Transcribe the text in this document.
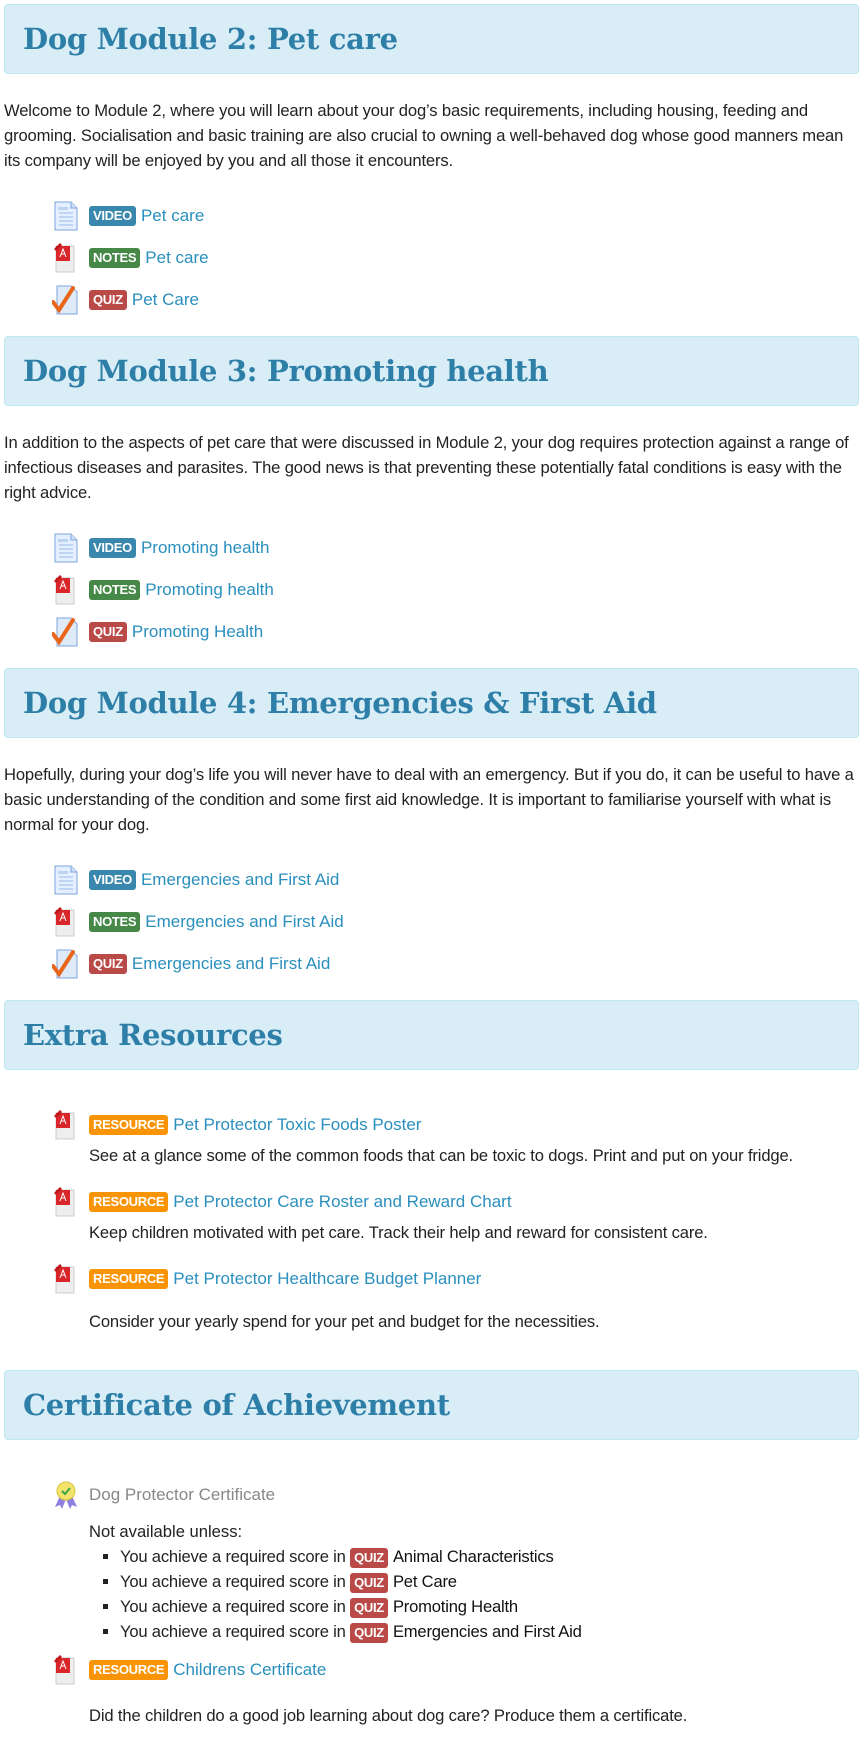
Dog Module 2: Pet care

Welcome to Module 2, where you will learn about your dog’s basic requirements, including housing, feeding and grooming. Socialisation and basic training are also crucial to owning a well-behaved dog whose good manners mean its company will be enjoyed by you and all those it encounters.

VIDEO Pet care
NOTES Pet care
QUIZ Pet Care
Dog Module 3: Promoting health

In addition to the aspects of pet care that were discussed in Module 2, your dog requires protection against a range of infectious diseases and parasites. The good news is that preventing these potentially fatal conditions is easy with the right advice.

VIDEO Promoting health
NOTES Promoting health
QUIZ Promoting Health
Dog Module 4: Emergencies & First Aid

Hopefully, during your dog’s life you will never have to deal with an emergency. But if you do, it can be useful to have a basic understanding of the condition and some first aid knowledge. It is important to familiarise yourself with what is normal for your dog.

VIDEO Emergencies and First Aid
NOTES Emergencies and First Aid
QUIZ Emergencies and First Aid
Extra Resources
RESOURCE Pet Protector Toxic Foods Poster

See at a glance some of the common foods that can be toxic to dogs. Print and put on your fridge.

RESOURCE Pet Protector Care Roster and Reward Chart

Keep children motivated with pet care. Track their help and reward for consistent care.

RESOURCE Pet Protector Healthcare Budget Planner

Consider your yearly spend for your pet and budget for the necessities.

Certificate of Achievement
Dog Protector Certificate

Not available unless:

▪ You achieve a required score in QUIZ Animal Characteristics
▪ You achieve a required score in QUIZ Pet Care
▪ You achieve a required score in QUIZ Promoting Health
▪ You achieve a required score in QUIZ Emergencies and First Aid
RESOURCE Childrens Certificate

Did the children do a good job learning about dog care? Produce them a certificate.
